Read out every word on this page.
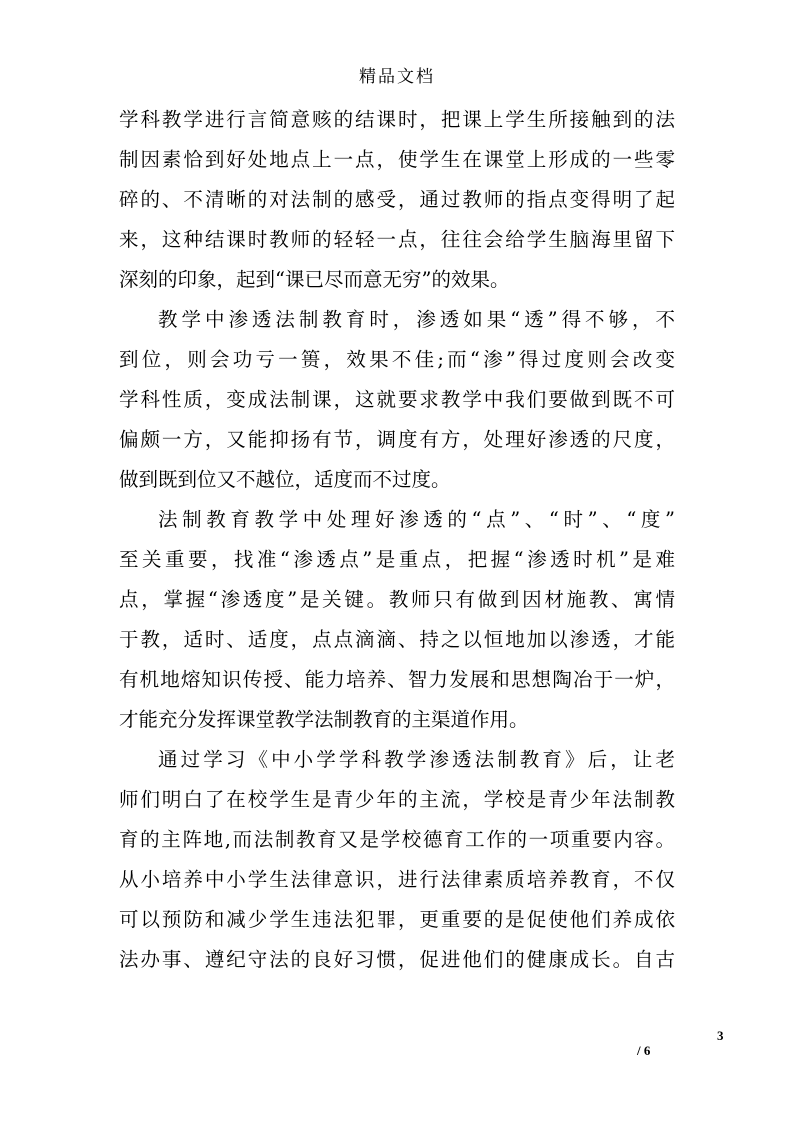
精品文档
学科教学进行言简意赅的结课时，把课上学生所接触到的法
制因素恰到好处地点上一点，使学生在课堂上形成的一些零
碎的、不清晰的对法制的感受，通过教师的指点变得明了起
来，这种结课时教师的轻轻一点，往往会给学生脑海里留下
深刻的印象，起到“课已尽而意无穷”的效果。
教学中渗透法制教育时，渗透如果“透”得不够，不
到位，则会功亏一篑，效果不佳;而“渗”得过度则会改变
学科性质，变成法制课，这就要求教学中我们要做到既不可
偏颇一方，又能抑扬有节，调度有方，处理好渗透的尺度，
做到既到位又不越位，适度而不过度。
法制教育教学中处理好渗透的“点”、“时”、“度”
至关重要，找准“渗透点”是重点，把握“渗透时机”是难
点，掌握“渗透度”是关键。教师只有做到因材施教、寓情
于教，适时、适度，点点滴滴、持之以恒地加以渗透，才能
有机地熔知识传授、能力培养、智力发展和思想陶冶于一炉，
才能充分发挥课堂教学法制教育的主渠道作用。
通过学习《中小学学科教学渗透法制教育》后，让老
师们明白了在校学生是青少年的主流，学校是青少年法制教
育的主阵地,而法制教育又是学校德育工作的一项重要内容。
从小培养中小学生法律意识，进行法律素质培养教育，不仅
可以预防和减少学生违法犯罪，更重要的是促使他们养成依
法办事、遵纪守法的良好习惯，促进他们的健康成长。自古
3
/ 6
